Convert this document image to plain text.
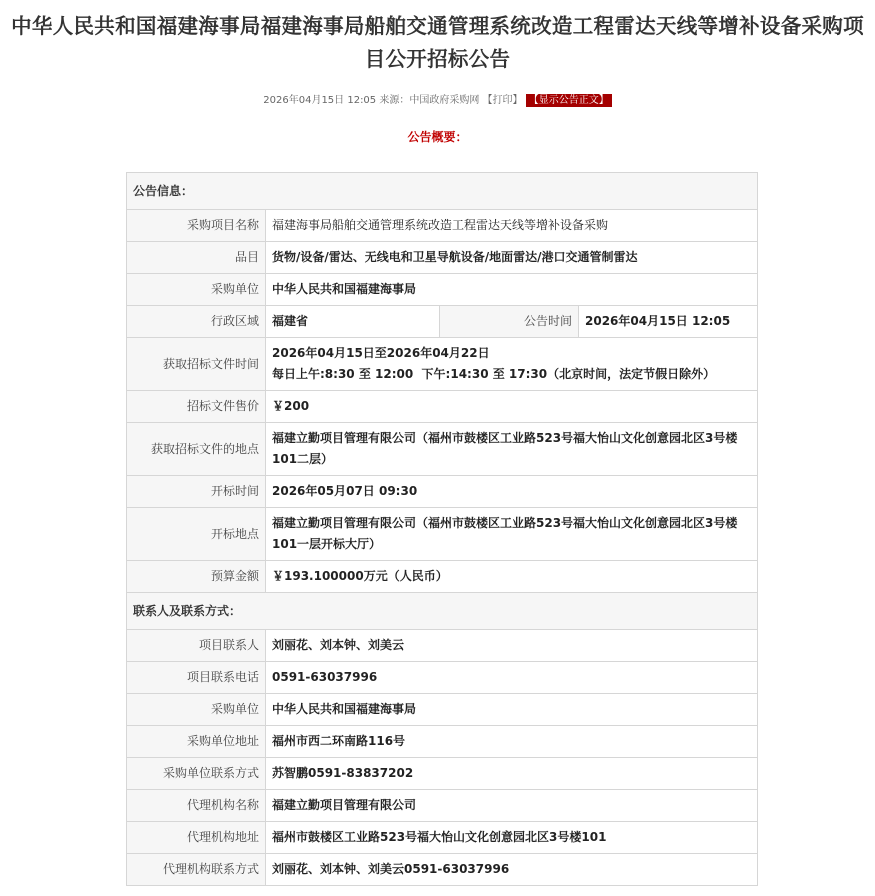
中华人民共和国福建海事局福建海事局船舶交通管理系统改造工程雷达天线等增补设备采购项目公开招标公告
2026年04月15日 12:05 来源：中国政府采购网 【打印】 【显示公告正文】
公告概要：
公告信息：			
采购项目名称	福建海事局船舶交通管理系统改造工程雷达天线等增补设备采购		
品目	货物/设备/雷达、无线电和卫星导航设备/地面雷达/港口交通管制雷达		
采购单位	中华人民共和国福建海事局		
行政区域	福建省	公告时间	2026年04月15日 12:05
获取招标文件时间	2026年04月15日至2026年04月22日
每日上午:8:30 至 12:00  下午:14:30 至 17:30（北京时间，法定节假日除外）		

招标文件售价	￥200		
获取招标文件的地点	福建立勤项目管理有限公司（福州市鼓楼区工业路523号福大怡山文化创意园北区3号楼101二层）		
开标时间	2026年05月07日 09:30		
开标地点	福建立勤项目管理有限公司（福州市鼓楼区工业路523号福大怡山文化创意园北区3号楼101一层开标大厅）		
预算金额	￥193.100000万元（人民币）		
联系人及联系方式：			
项目联系人	刘丽花、刘本钟、刘美云		
项目联系电话	0591-63037996		
采购单位	中华人民共和国福建海事局		
采购单位地址	福州市西二环南路116号		
采购单位联系方式	苏智鹏0591-83837202		
代理机构名称	福建立勤项目管理有限公司		
代理机构地址	福州市鼓楼区工业路523号福大怡山文化创意园北区3号楼101		
代理机构联系方式	刘丽花、刘本钟、刘美云0591-63037996		
